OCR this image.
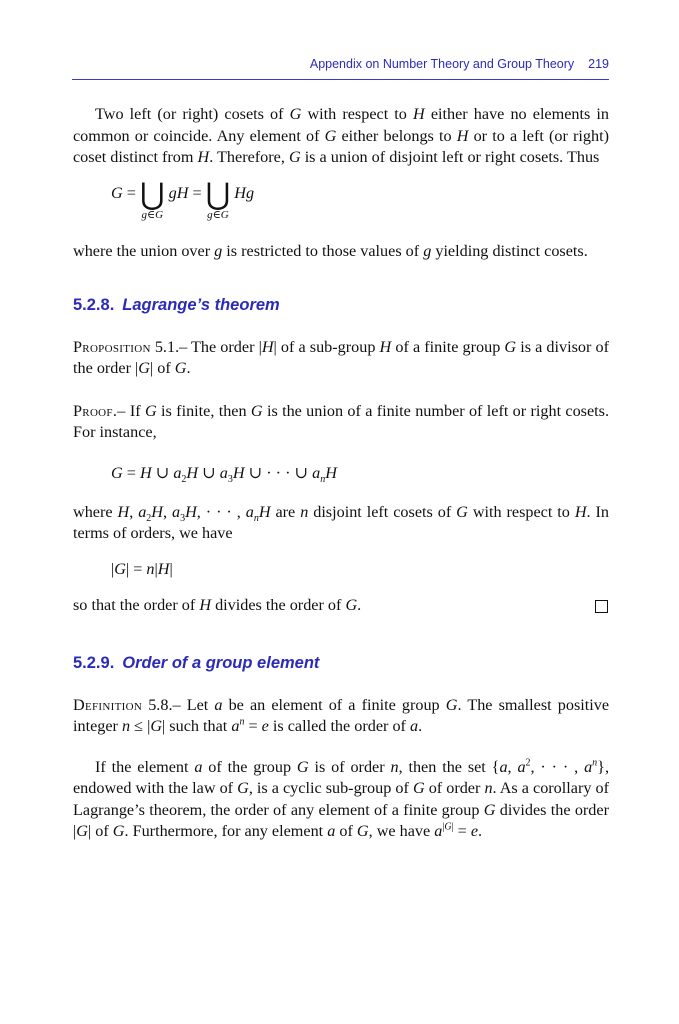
Appendix on Number Theory and Group Theory 219

Two left (or right) cosets of G with respect to H either have no elements in common or coincide. Any element of G either belongs to H or to a left (or right) coset distinct from H. Therefore, G is a union of disjoint left or right cosets. Thus

G = ⋃
g∈G
gH = ⋃
g∈G
Hg

where the union over g is restricted to those values of g yielding distinct cosets.

5.2.8. Lagrange’s theorem

Proposition 5.1.– The order |H| of a sub-group H of a finite group G is a divisor of the order |G| of G.

Proof.– If G is finite, then G is the union of a finite number of left or right cosets. For instance,

G = H ∪ $a_2H$ ∪ $a_3H$ ∪ · · · ∪ $a_nH$

where H, $a_2H$, $a_3H$, · · · , $a_nH$ are n disjoint left cosets of G with respect to H. In terms of orders, we have

|G| = n|H|

so that the order of H divides the order of G.

5.2.9. Order of a group element

Definition 5.8.– Let a be an element of a finite group G. The smallest positive integer n ≤ |G| such that $a^n = e$ is called the order of a.

If the element a of the group G is of order n, then the set {a, $a^2$, · · · , $a^n$}, endowed with the law of G, is a cyclic sub-group of G of order n. As a corollary of Lagrange’s theorem, the order of any element of a finite group G divides the order |G| of G. Furthermore, for any element a of G, we have $a^{|G|} = e$.
